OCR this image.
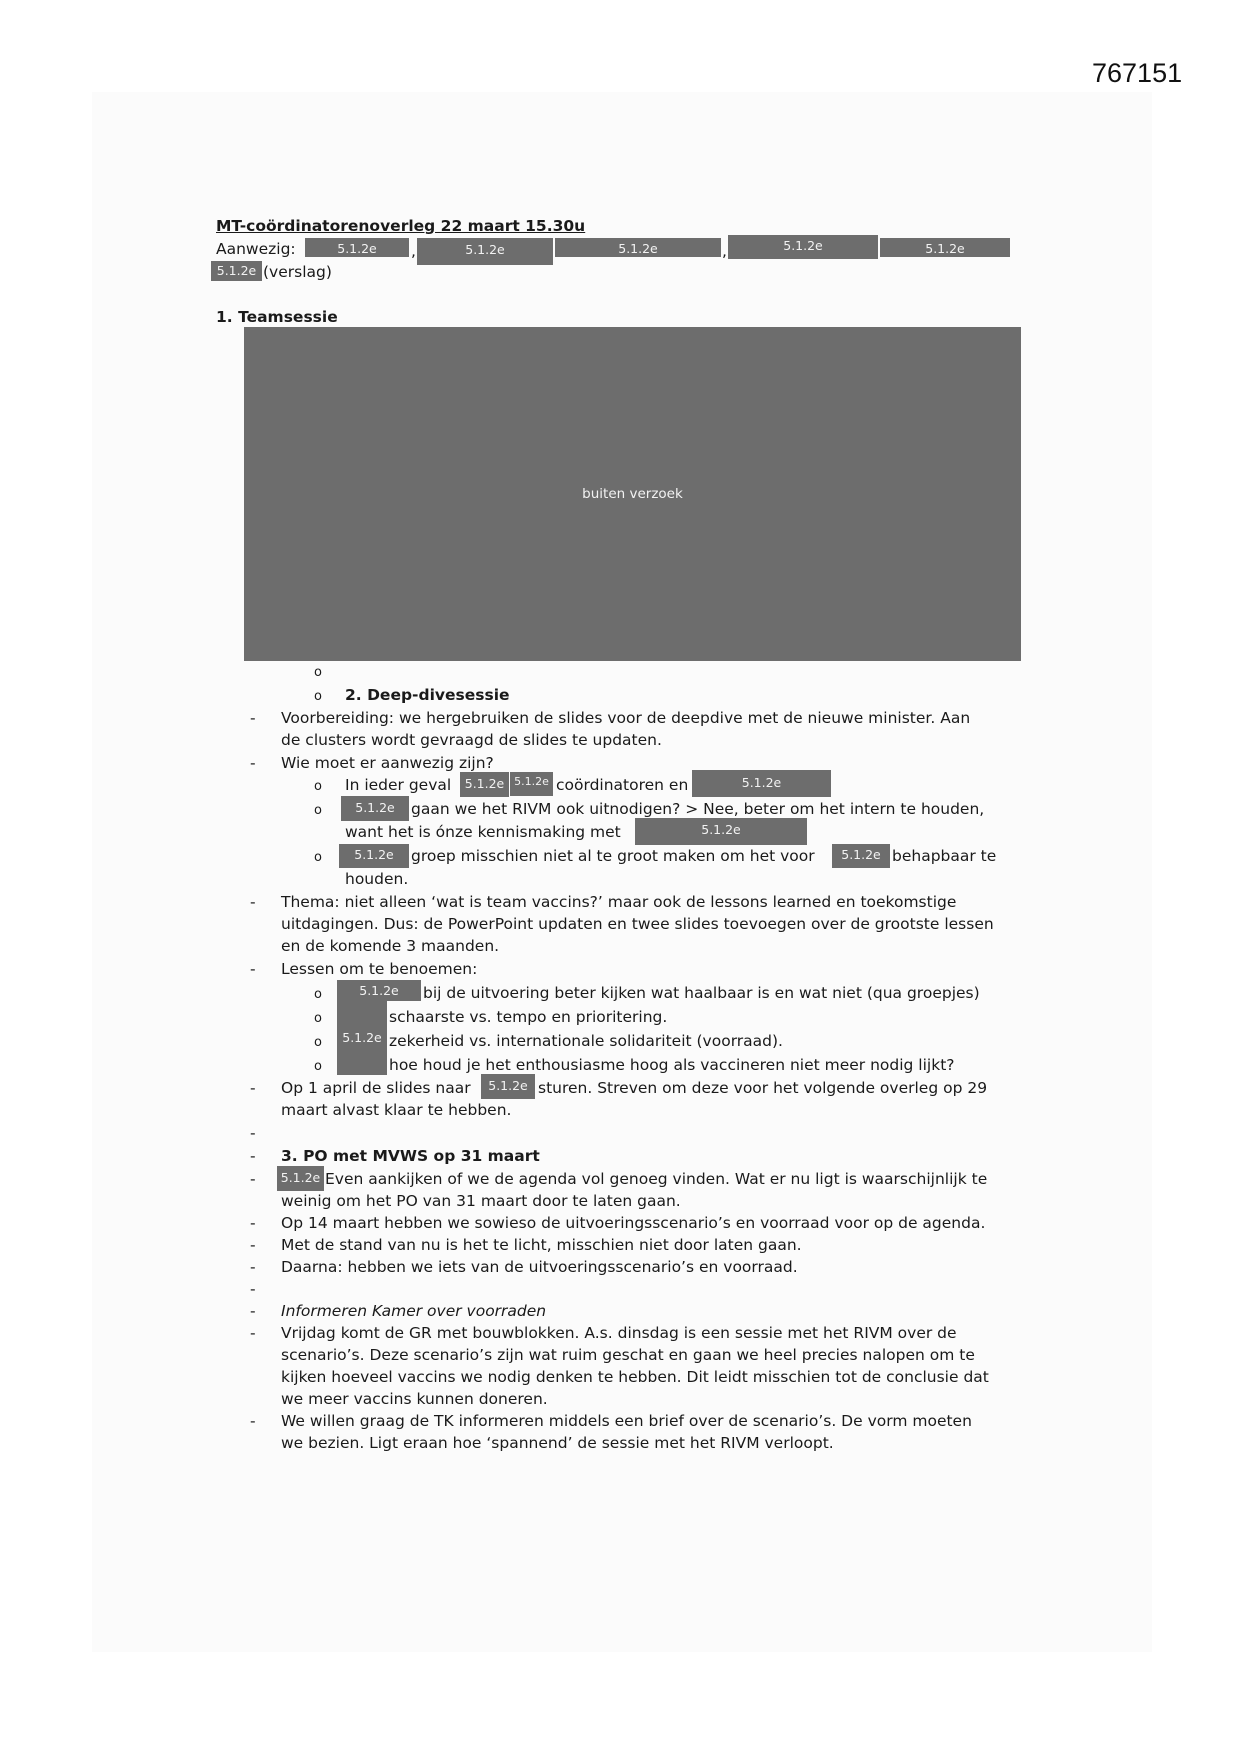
767151
MT-coördinatorenoverleg 22 maart 15.30u
Aanwezig:	5.1.2e	,	5.1.2e	5.1.2e	,	5.1.2e	5.1.2e
5.1.2e (verslag)
1. Teamsessie
buiten verzoek
o
o 2. Deep-divesessie
- Voorbereiding: we hergebruiken de slides voor de deepdive met de nieuwe minister. Aan
de clusters wordt gevraagd de slides te updaten.
- Wie moet er aanwezig zijn?
o In ieder geval	5.1.2e 5.1.2e coördinatoren en	5.1.2e
o	5.1.2e	gaan we het RIVM ook uitnodigen? > Nee, beter om het intern te houden,
want het is ónze kennismaking met	5.1.2e
o	5.1.2e	groep misschien niet al te groot maken om het voor	5.1.2e behapbaar te
houden.
- Thema: niet alleen ‘wat is team vaccins?’ maar ook de lessons learned en toekomstige
uitdagingen. Dus: de PowerPoint updaten en twee slides toevoegen over de grootste lessen
en de komende 3 maanden.
- Lessen om te benoemen:
5.1.2e
5.1.2e
o	bij de uitvoering beter kijken wat haalbaar is en wat niet (qua groepjes)
o	schaarste vs. tempo en prioritering.
o	zekerheid vs. internationale solidariteit (voorraad).
o	hoe houd je het enthousiasme hoog als vaccineren niet meer nodig lijkt?
- Op 1 april de slides naar	5.1.2e sturen. Streven om deze voor het volgende overleg op 29
maart alvast klaar te hebben.
-
- 3. PO met MVWS op 31 maart
-	5.1.2e Even aankijken of we de agenda vol genoeg vinden. Wat er nu ligt is waarschijnlijk te
weinig om het PO van 31 maart door te laten gaan.
- Op 14 maart hebben we sowieso de uitvoeringsscenario’s en voorraad voor op de agenda.
- Met de stand van nu is het te licht, misschien niet door laten gaan.
- Daarna: hebben we iets van de uitvoeringsscenario’s en voorraad.
-
- Informeren Kamer over voorraden
- Vrijdag komt de GR met bouwblokken. A.s. dinsdag is een sessie met het RIVM over de
scenario’s. Deze scenario’s zijn wat ruim geschat en gaan we heel precies nalopen om te
kijken hoeveel vaccins we nodig denken te hebben. Dit leidt misschien tot de conclusie dat
we meer vaccins kunnen doneren.
- We willen graag de TK informeren middels een brief over de scenario’s. De vorm moeten
we bezien. Ligt eraan hoe ‘spannend’ de sessie met het RIVM verloopt.
